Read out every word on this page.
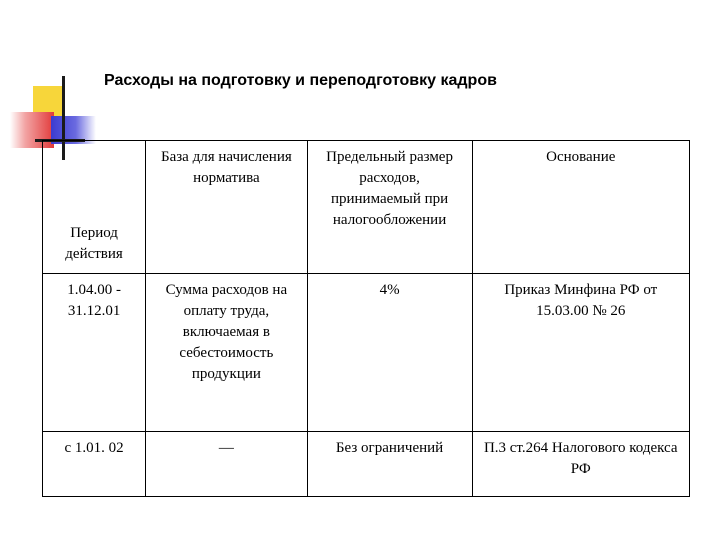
Расходы на подготовку и переподготовку кадров
Период действия	База для начисления норматива	Предельный размер расходов, принимаемый при налогообложении	Основание
1.04.00 - 31.12.01	Сумма расходов на оплату труда, включаемая в себестоимость продукции	4%	Приказ Минфина РФ от 15.03.00 № 26
с 1.01. 02	—	Без ограничений	П.3 ст.264 Налогового кодекса РФ
